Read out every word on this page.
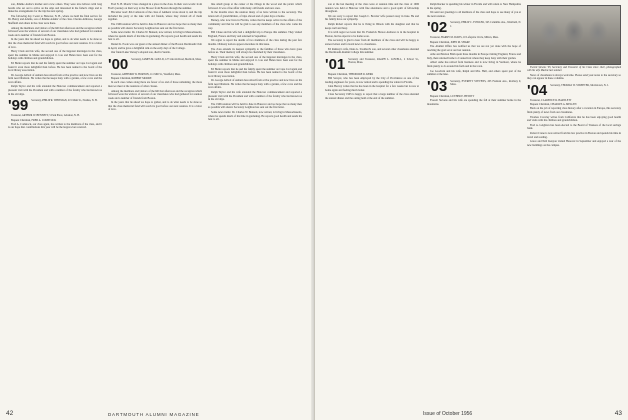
son, Jimmie Andre's mother and a few others. They were nice fellows with long beards who set out to arrive on the Alps and interested in the father's ridge and to make the arrangements for the trip the next spring.

The following day I went to Hanover, N. H., where we held the final service for Dr. Henry and Adams, son of Jimmie Adams' of the class. Charles Ambrose, George Sheffield and others in the class were there.

Among the members and visitors of the hill that afternoon and the reception which followed were the widows of several of our classmates who had gathered for reunion week and a number of friends from Boston.

In the years that lie ahead we hope to gather, and to do what needs to be done so that the class memorial fund will reach its goal before our next reunion. It is a labor of love.

Harry Clark and his wife, the second one of the happiest marriages in the class, spent the summer in Maine and enjoyed it. Lou and Helen have been east for the holidays with children and grandchildren.

Ed Butler reports that he and his family spent the summer on Cape Cod again and found it even more delightful than before. He has been named to the board of the local library association.

Dr. George Abbott of Auburn has retired from active practice and now lives on his farm near Dixmont. He writes that he keeps busy with a garden, a few cows and the town affairs.

Ralph Taylor and his wife attended the Hanover commencement and reported a pleasant visit with the President and with a number of the faculty who had known us in the old days.

'99	Secretary, PHILIP R. WHITMAN, 215 Main St., Nashua, N. H.

Treasurer, ARTHUR W. BENNETT, 5 Park Place, Lebanon, N. H.

Bequest Chairman, FRED A. COMSTOCK

Fred A. Comstock, our class agent, has written to the members of the class, and it is our hope that contributions this year will be the largest ever received.

Fred N. H. Morris' Class changed in a place in the class. In their own words: from Fred's journey on their way to the Hoosac from Boston through the summer.

His letter read: Jim Comstock of the class of Amherst wrote about it, and the trip included the party at the lake with old friends, where they visited all of them together.

The 1906 reunion will be held in June in Hanover and we hope that as many men as possible will attend. Secretary Leighton has sent out the first letter.

Some news items: Dr. Charles W. Bennett, now retired, is living in Massachusetts, where he spends much of his time in gardening. He reports good health and sends his best to all.

Daniel K. Poole was our guest at the annual dinner of the Boston Dartmouth Club in April, and he gave a delightful talk on the early days of the College.

Our friend Luke Varney's adopted son, died in Seattle.

'00	Secretary, JAMES M. GOULD, 127 Lincoln Road, Medford, Mass.

Treasurer, ASHFORD W. HORTON, 111 Mill St., Westfield, Mass.

Bequest Chairman, ROBERT MOORE

In each case comes along there are fewer of us and of those remaining, the more men we meet at the reunions of other classes.

Among the members and visitors of the hill that afternoon and the reception which followed were the widows of several of our classmates who had gathered for reunion week and a number of friends from Boston.

In the years that lie ahead we hope to gather, and to do what needs to be done so that the class memorial fund will reach its goal before our next reunion. It is a labor of love.

fine small group at the center of the village in the wood and the picnic which followed. It was a fine affair with many old friends and new ones.

In the months since the reunion many of us have written to the secretary. The letters tell of grandchildren, of trips abroad and of quiet days at home.

Barney, who now lives in Florida, writes that he keeps active in the affairs of the community and that he will be glad to see any members of the class who come his way.

Bill Chase and his wife had a delightful trip to Europe this summer. They visited England, France and Italy and returned in September.

We regret to report the deaths of two members of the class during the past few months. Obituary notices appear elsewhere in this issue.

The class extends its deepest sympathy to the families of those who have gone before us. Their memory will always be cherished by their classmates.

Harry Clark and his wife, the second one of the happiest marriages in the class, spent the summer in Maine and enjoyed it. Lou and Helen have been east for the holidays with children and grandchildren.

Ed Butler reports that he and his family spent the summer on Cape Cod again and found it even more delightful than before. He has been named to the board of the local library association.

Dr. George Abbott of Auburn has retired from active practice and now lives on his farm near Dixmont. He writes that he keeps busy with a garden, a few cows and the town affairs.

Ralph Taylor and his wife attended the Hanover commencement and reported a pleasant visit with the President and with a number of the faculty who had known us in the old days.

The 1906 reunion will be held in June in Hanover and we hope that as many men as possible will attend. Secretary Leighton has sent out the first letter.

Some news items: Dr. Charles W. Bennett, now retired, is living in Massachusetts, where he spends much of his time in gardening. He reports good health and sends his best to all.

son at the last meeting of the class were at reunion time and the class of 1906 reunion was held at Hanover with fine attendance and a good spirit of fellowship throughout.

We are sorry to report that Joseph C. Bowles' wife passed away in June. He and his family have our sympathy.

Ralph Robert reports that he is living in Illinois with his daughter and that he keeps well and busy.

It is with regret we learn that Dr. Frederick Horace Andrews is in the hospital in Boston, but he expects to be home soon.

The secretary is glad to hear from all members of the class and will be happy to answer letters and forward news to classmates.

Ed Ramsay's wife, Dana G. Stoddard's son, and several other classmates attended the Dartmouth Alumni College this summer.

'01	Secretary and Treasurer, RALPH L. LOWELL, 2 School St., Boston, Mass.

Bequest Chairman, THEODORE R. KERR

Bill Sawyer, who has been employed by the City of Providence as one of the leading engineers for years, is now retired and is spending the winter in Florida.

John Hervey writes that he has been in the hospital for a few weeks but is now at home again and feeling much better.

Class Secretary 1905 is happy to report that a large number of the class attended the annual dinner and the outing held at the end of the summer.

Ralph Rucker is spending his winter in Florida and will return to New Hampshire in the spring.

We send our greetings to all members of the class and hope to see many of you at the next reunion.

'02	Secretary, PHILIP C. FOWLER, 345 Columbia Ave., Westfield, N. J.

Treasurer, HARRY M. DAVIS, 10 Lafayette Circle, Milton, Mass.

Bequest Chairman, JOHN M. SHARP

The Alumni Office has notified us that we are not yet done with the hope of reaching the goal set at our last reunion.

Arlie and Marion Brim spent three months in Europe visiting England, France and Italy, then returned home to Connecticut where they keep busy with their garden.

Albert Ashe has retired from business and is now living in Vermont, where he finds plenty to do around his farm and in the town.

Joe Goodwin and his wife, Ralph and Mrs. Hull, and others spent part of the summer at the lake.

'03	Secretary, EVERETT STEVENS, 203 Fremont Ave., Roxbury 9, Mass.

Bequest Chairman, LUTHER E. HEWITT

Everett Stevens and his wife are spending the fall at their summer home in the mountains.

Everett Stevens '03, Secretary and Treasurer of his Class since 1941, photographed with his wife Maxine last summer.

News of classmates is always welcome. Please send your notes to the secretary so they can appear in these columns.

'04	Secretary, THOMAS W. STREETER, Morristown, N. J.

Treasurer, CLARENCE R. BARTLETT

Bequest Chairman, CHARLES A. MELLEN

Back on the job of reporting class history after a vacation in Europe, this secretary finds plenty of news from our classmates.

Thomas Crowley writes from California that he has been enjoying good health and visits with his children and grandchildren.

Fred A. Leighton has been elected to the Board of Trustees of the local savings bank.

Robert Crane is now retired from his law practice in Boston and spends his time in travel and reading.

Grace and Neil Kenyon visited Hanover in September and enjoyed a tour of the new buildings on the campus.

42	DARTMOUTH ALUMNI MAGAZINE	Issue of October 1956	43
